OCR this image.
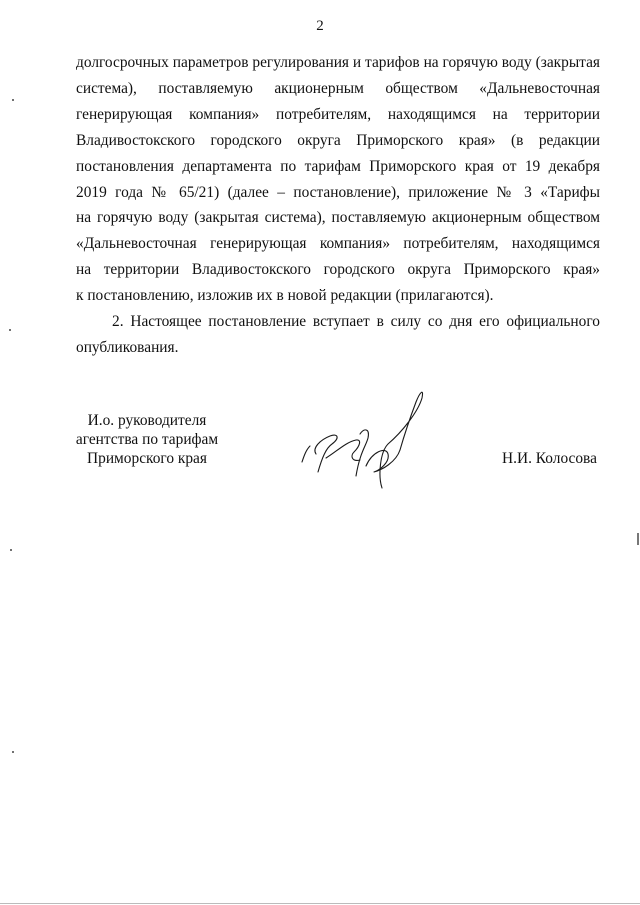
2
долгосрочных параметров регулирования и тарифов на горячую воду (закрытая
система), поставляемую акционерным обществом «Дальневосточная
генерирующая компания» потребителям, находящимся на территории
Владивостокского городского округа Приморского края» (в редакции
постановления департамента по тарифам Приморского края от 19 декабря
2019 года № 65/21) (далее – постановление), приложение № 3 «Тарифы
на горячую воду (закрытая система), поставляемую акционерным обществом
«Дальневосточная генерирующая компания» потребителям, находящимся
на территории Владивостокского городского округа Приморского края»
к постановлению, изложив их в новой редакции (прилагаются).
2. Настоящее постановление вступает в силу со дня его официального
опубликования.
И.о. руководителя
агентства по тарифам
Приморского края	Н.И. Колосова
